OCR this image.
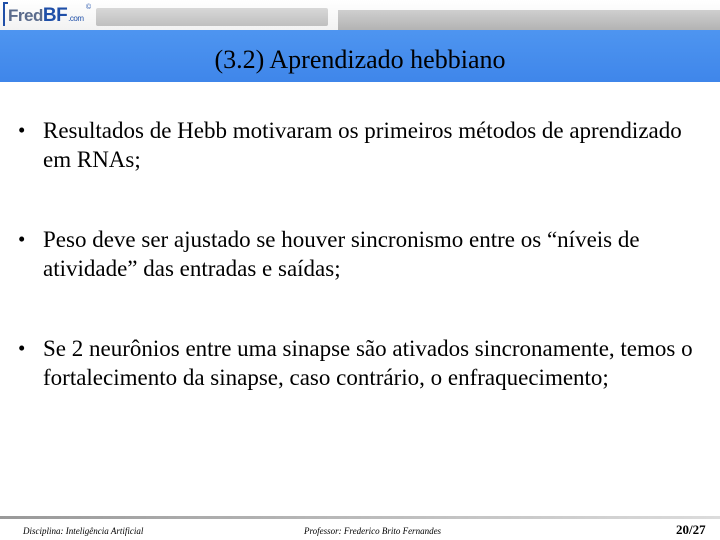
FredBF.com
©
(3.2) Aprendizado hebbiano
• Resultados de Hebb motivaram os primeiros métodos de aprendizado em RNAs;
• Peso deve ser ajustado se houver sincronismo entre os “níveis de atividade” das entradas e saídas;
• Se 2 neurônios entre uma sinapse são ativados sincronamente, temos o fortalecimento da sinapse, caso contrário, o enfraquecimento;
Disciplina: Inteligência Artificial	Professor: Frederico Brito Fernandes	20/27
